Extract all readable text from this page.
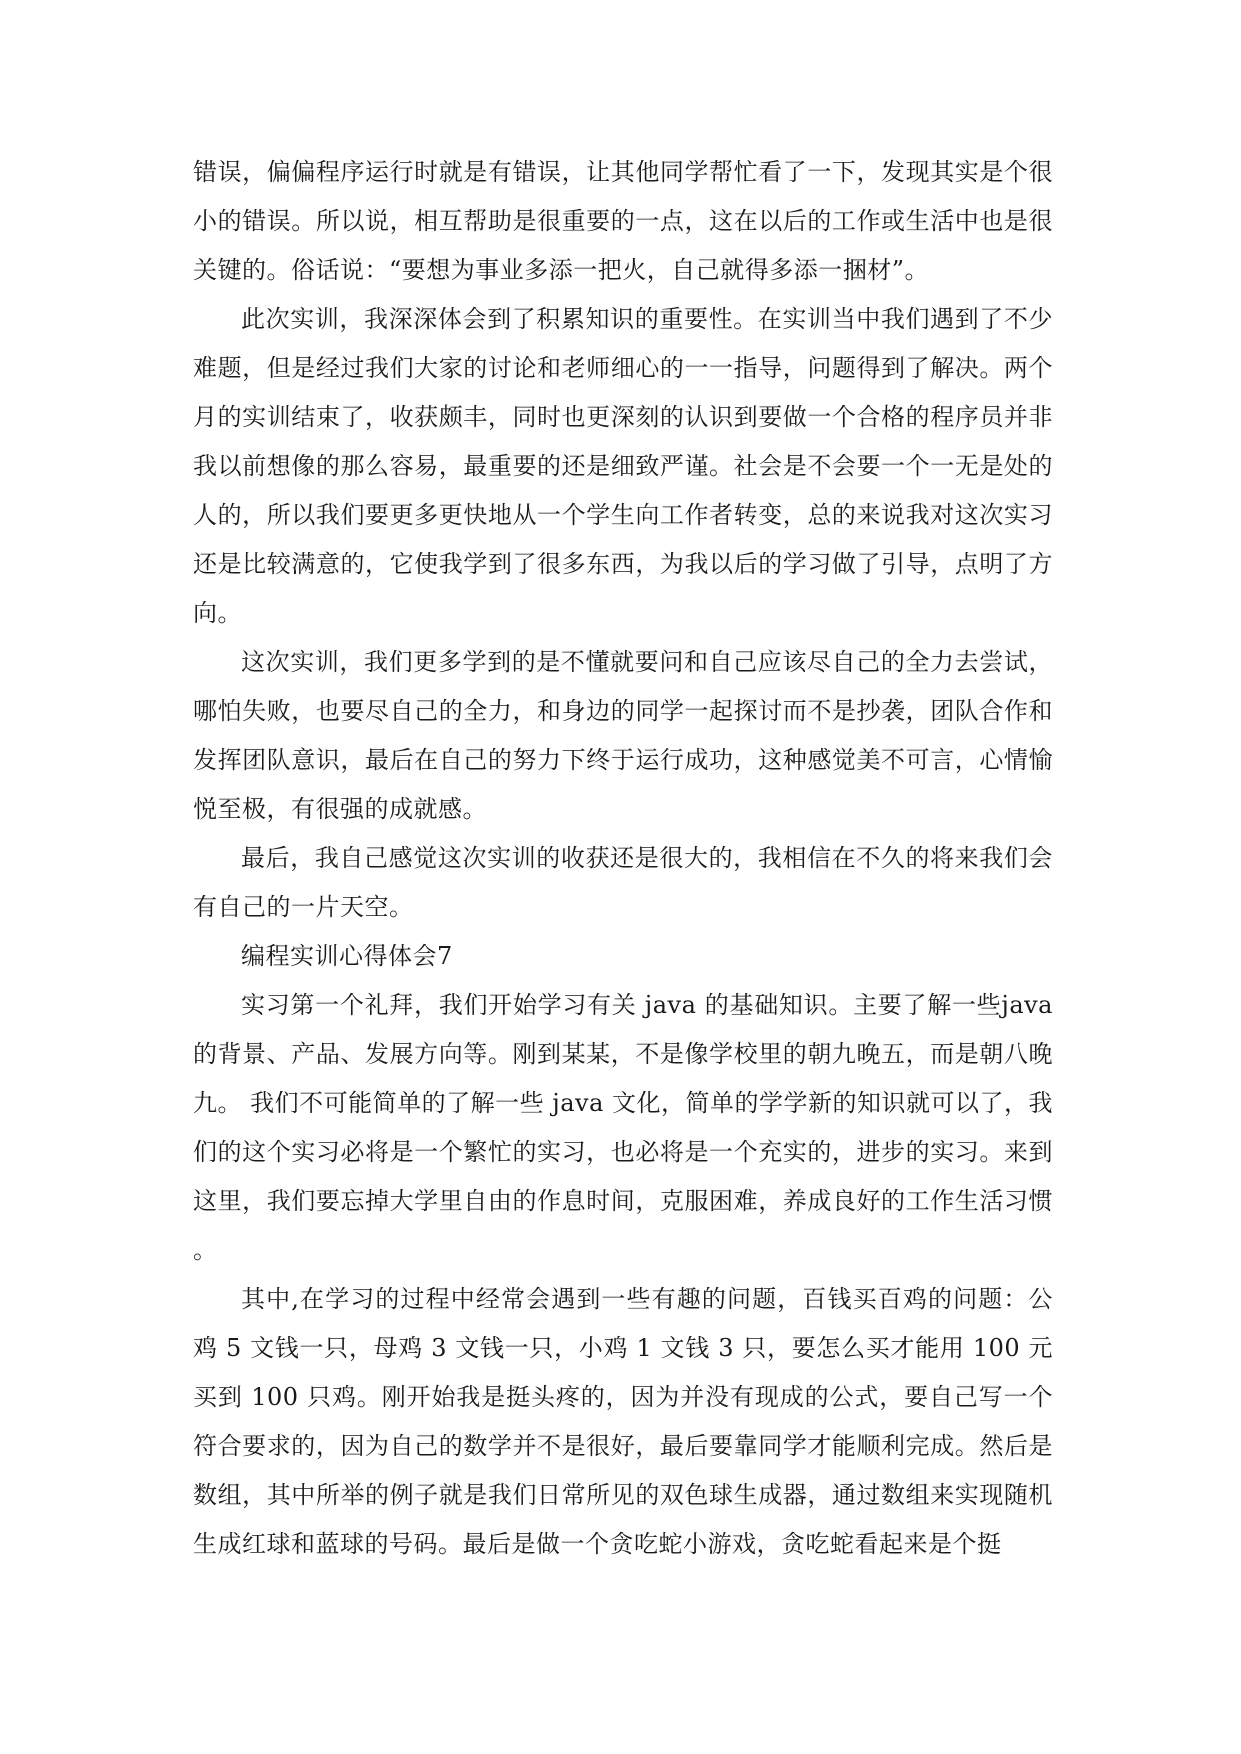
错误，偏偏程序运行时就是有错误，让其他同学帮忙看了一下，发现其实是个很小的错误。所以说，相互帮助是很重要的一点，这在以后的工作或生活中也是很关键的。俗话说：“要想为事业多添一把火，自己就得多添一捆材”。

此次实训，我深深体会到了积累知识的重要性。在实训当中我们遇到了不少难题，但是经过我们大家的讨论和老师细心的一一指导，问题得到了解决。两个月的实训结束了，收获颇丰，同时也更深刻的认识到要做一个合格的程序员并非我以前想像的那么容易，最重要的还是细致严谨。社会是不会要一个一无是处的人的，所以我们要更多更快地从一个学生向工作者转变，总的来说我对这次实习还是比较满意的，它使我学到了很多东西，为我以后的学习做了引导，点明了方向。

这次实训，我们更多学到的是不懂就要问和自己应该尽自己的全力去尝试，哪怕失败，也要尽自己的全力，和身边的同学一起探讨而不是抄袭，团队合作和发挥团队意识，最后在自己的努力下终于运行成功，这种感觉美不可言，心情愉悦至极，有很强的成就感。

最后，我自己感觉这次实训的收获还是很大的，我相信在不久的将来我们会有自己的一片天空。

编程实训心得体会7

实习第一个礼拜，我们开始学习有关 java 的基础知识。主要了解一些java 的背景、产品、发展方向等。刚到某某，不是像学校里的朝九晚五，而是朝八晚九。 我们不可能简单的了解一些 java 文化，简单的学学新的知识就可以了，我们的这个实习必将是一个繁忙的实习，也必将是一个充实的，进步的实习。来到这里，我们要忘掉大学里自由的作息时间，克服困难，养成良好的工作生活习惯 。

其中,在学习的过程中经常会遇到一些有趣的问题，百钱买百鸡的问题：公鸡 5 文钱一只，母鸡 3 文钱一只，小鸡 1 文钱 3 只，要怎么买才能用 100 元买到 100 只鸡。刚开始我是挺头疼的，因为并没有现成的公式，要自己写一个符合要求的，因为自己的数学并不是很好，最后要靠同学才能顺利完成。然后是数组，其中所举的例子就是我们日常所见的双色球生成器，通过数组来实现随机生成红球和蓝球的号码。最后是做一个贪吃蛇小游戏，贪吃蛇看起来是个挺
